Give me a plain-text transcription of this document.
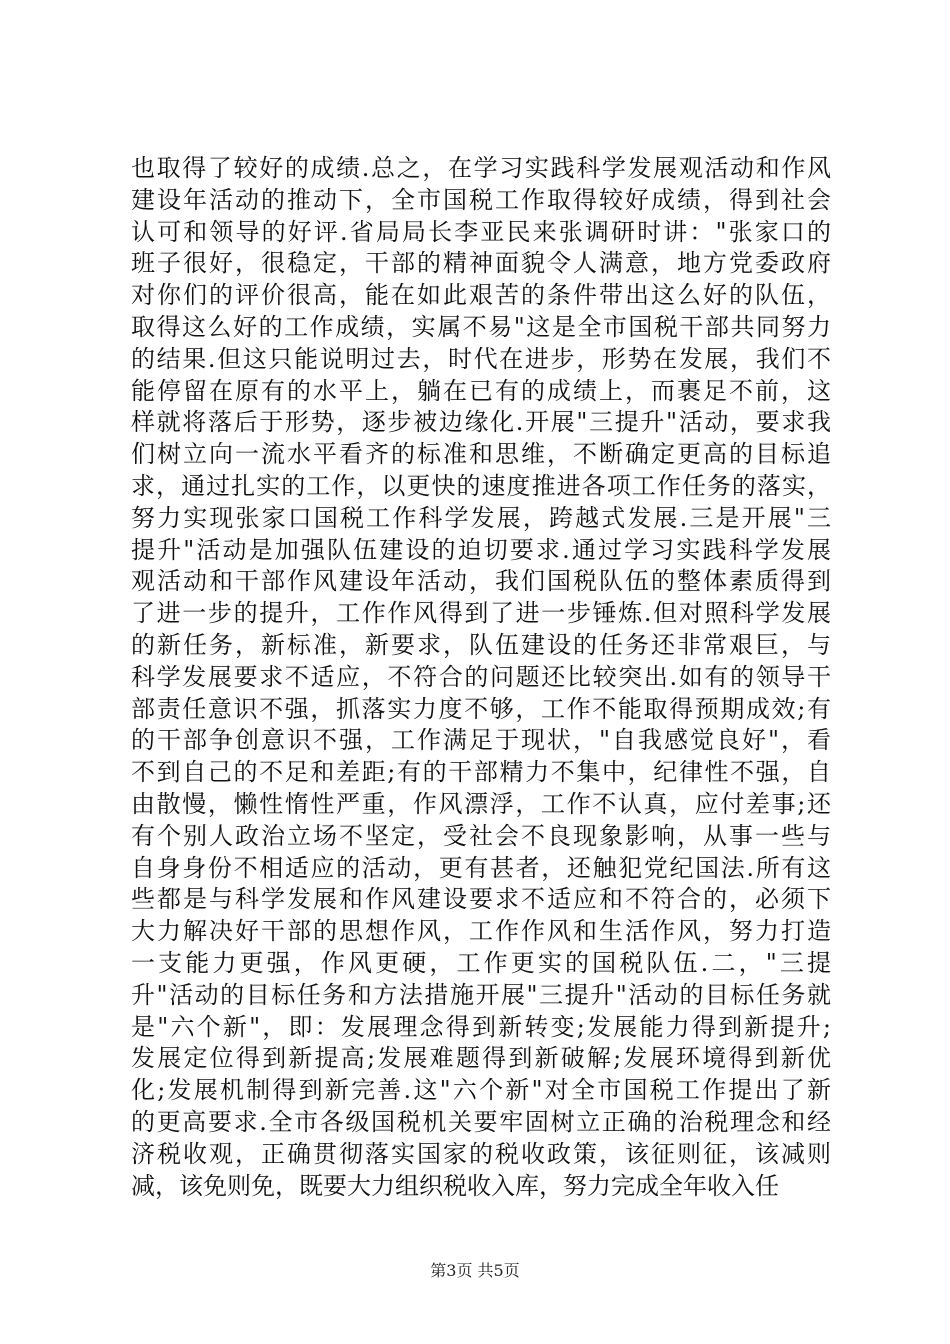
也取得了较好的成绩.总之，在学习实践科学发展观活动和作风
建设年活动的推动下，全市国税工作取得较好成绩，得到社会
认可和领导的好评.省局局长李亚民来张调研时讲："张家口的
班子很好，很稳定，干部的精神面貌令人满意，地方党委政府
对你们的评价很高，能在如此艰苦的条件带出这么好的队伍，
取得这么好的工作成绩，实属不易"这是全市国税干部共同努力
的结果.但这只能说明过去，时代在进步，形势在发展，我们不
能停留在原有的水平上，躺在已有的成绩上，而裹足不前，这
样就将落后于形势，逐步被边缘化.开展"三提升"活动，要求我
们树立向一流水平看齐的标准和思维，不断确定更高的目标追
求，通过扎实的工作，以更快的速度推进各项工作任务的落实，
努力实现张家口国税工作科学发展，跨越式发展.三是开展"三
提升"活动是加强队伍建设的迫切要求.通过学习实践科学发展
观活动和干部作风建设年活动，我们国税队伍的整体素质得到
了进一步的提升，工作作风得到了进一步锤炼.但对照科学发展
的新任务，新标准，新要求，队伍建设的任务还非常艰巨，与
科学发展要求不适应，不符合的问题还比较突出.如有的领导干
部责任意识不强，抓落实力度不够，工作不能取得预期成效;有
的干部争创意识不强，工作满足于现状，"自我感觉良好"，看
不到自己的不足和差距;有的干部精力不集中，纪律性不强，自
由散慢，懒性惰性严重，作风漂浮，工作不认真，应付差事;还
有个别人政治立场不坚定，受社会不良现象影响，从事一些与
自身身份不相适应的活动，更有甚者，还触犯党纪国法.所有这
些都是与科学发展和作风建设要求不适应和不符合的，必须下
大力解决好干部的思想作风，工作作风和生活作风，努力打造
一支能力更强，作风更硬，工作更实的国税队伍.二，"三提
升"活动的目标任务和方法措施开展"三提升"活动的目标任务就
是"六个新"，即：发展理念得到新转变;发展能力得到新提升;
发展定位得到新提高;发展难题得到新破解;发展环境得到新优
化;发展机制得到新完善.这"六个新"对全市国税工作提出了新
的更高要求.全市各级国税机关要牢固树立正确的治税理念和经
济税收观，正确贯彻落实国家的税收政策，该征则征，该减则
减，该免则免，既要大力组织税收入库，努力完成全年收入任
第3页 共5页
